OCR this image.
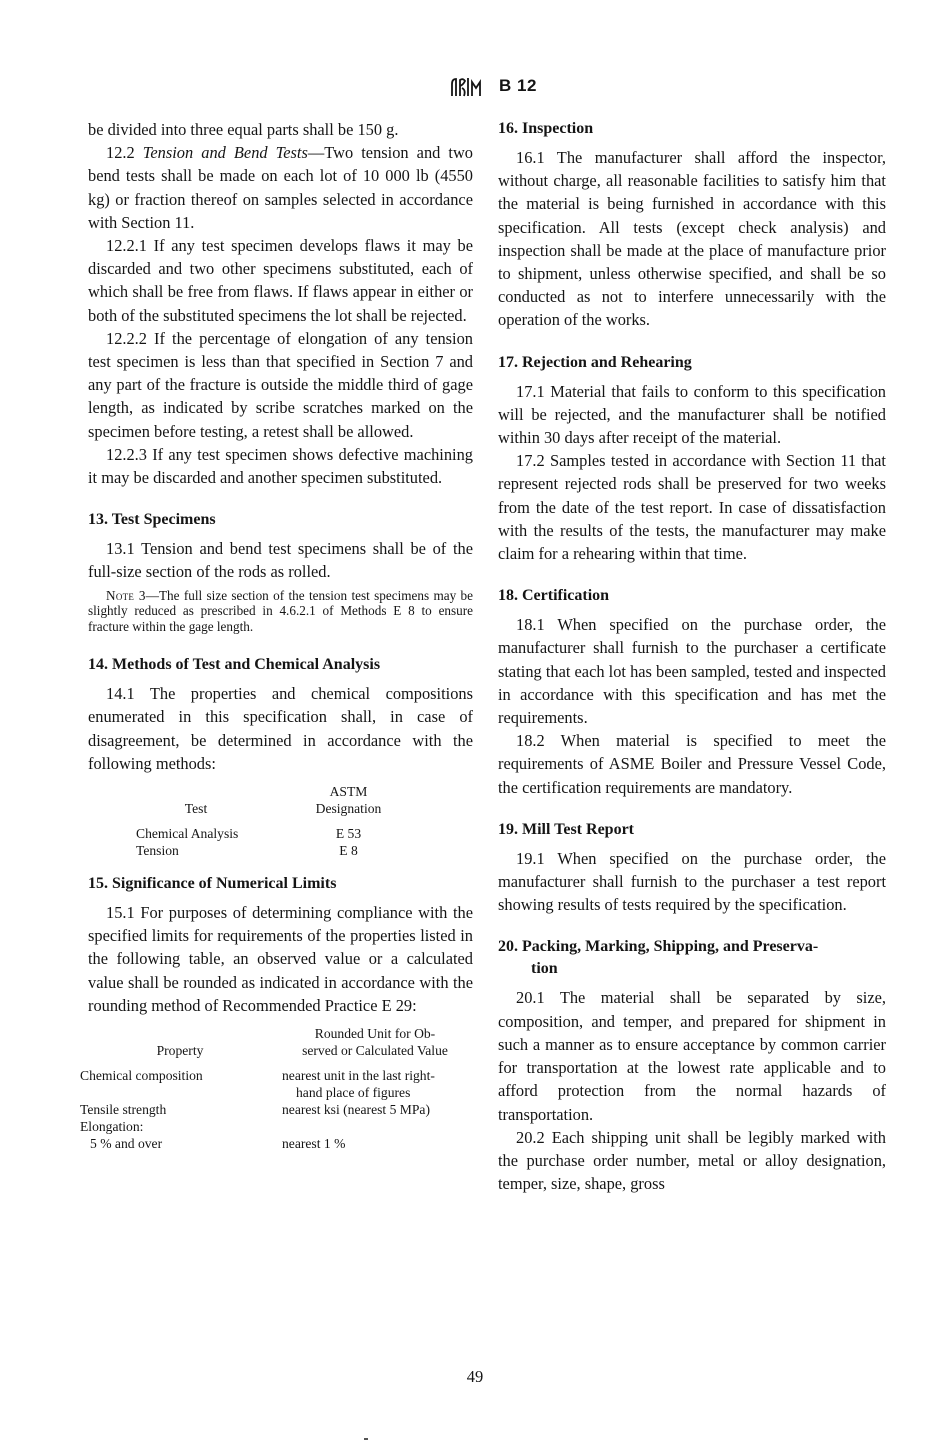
B 12

be divided into three equal parts shall be 150 g.

12.2 Tension and Bend Tests—Two tension and two bend tests shall be made on each lot of 10 000 lb (4550 kg) or fraction thereof on samples selected in accordance with Section 11.

12.2.1 If any test specimen develops flaws it may be discarded and two other specimens substituted, each of which shall be free from flaws. If flaws appear in either or both of the substituted specimens the lot shall be rejected.

12.2.2 If the percentage of elongation of any tension test specimen is less than that specified in Section 7 and any part of the fracture is outside the middle third of gage length, as indicated by scribe scratches marked on the specimen before testing, a retest shall be allowed.

12.2.3 If any test specimen shows defective machining it may be discarded and another specimen substituted.

13. Test Specimens

13.1 Tension and bend test specimens shall be of the full-size section of the rods as rolled.

Note 3—The full size section of the tension test specimens may be slightly reduced as prescribed in 4.6.2.1 of Methods E 8 to ensure fracture within the gage length.
14. Methods of Test and Chemical Analysis

14.1 The properties and chemical compositions enumerated in this specification shall, in case of disagreement, be determined in accordance with the following methods:

Test	ASTM
Designation

Chemical Analysis	E 53
Tension	E 8
15. Significance of Numerical Limits

15.1 For purposes of determining compliance with the specified limits for requirements of the properties listed in the following table, an observed value or a calculated value shall be rounded as indicated in accordance with the rounding method of Recommended Practice E 29:

Property	Rounded Unit for Ob-
served or Calculated Value

Chemical composition	nearest unit in the last right-
hand place of figures

Tensile strength	nearest ksi (nearest 5 MPa)
Elongation:	
5 % and over	nearest 1 %
16. Inspection

16.1 The manufacturer shall afford the inspector, without charge, all reasonable facilities to satisfy him that the material is being furnished in accordance with this specification. All tests (except check analysis) and inspection shall be made at the place of manufacture prior to shipment, unless otherwise specified, and shall be so conducted as not to interfere unnecessarily with the operation of the works.

17. Rejection and Rehearing

17.1 Material that fails to conform to this specification will be rejected, and the manufacturer shall be notified within 30 days after receipt of the material.

17.2 Samples tested in accordance with Section 11 that represent rejected rods shall be preserved for two weeks from the date of the test report. In case of dissatisfaction with the results of the tests, the manufacturer may make claim for a rehearing within that time.

18. Certification

18.1 When specified on the purchase order, the manufacturer shall furnish to the purchaser a certificate stating that each lot has been sampled, tested and inspected in accordance with this specification and has met the requirements.

18.2 When material is specified to meet the requirements of ASME Boiler and Pressure Vessel Code, the certification requirements are mandatory.

19. Mill Test Report

19.1 When specified on the purchase order, the manufacturer shall furnish to the purchaser a test report showing results of tests required by the specification.

20. Packing, Marking, Shipping, and Preserva-
tion

20.1 The material shall be separated by size, composition, and temper, and prepared for shipment in such a manner as to ensure acceptance by common carrier for transportation at the lowest rate applicable and to afford protection from the normal hazards of transportation.

20.2 Each shipping unit shall be legibly marked with the purchase order number, metal or alloy designation, temper, size, shape, gross

49
